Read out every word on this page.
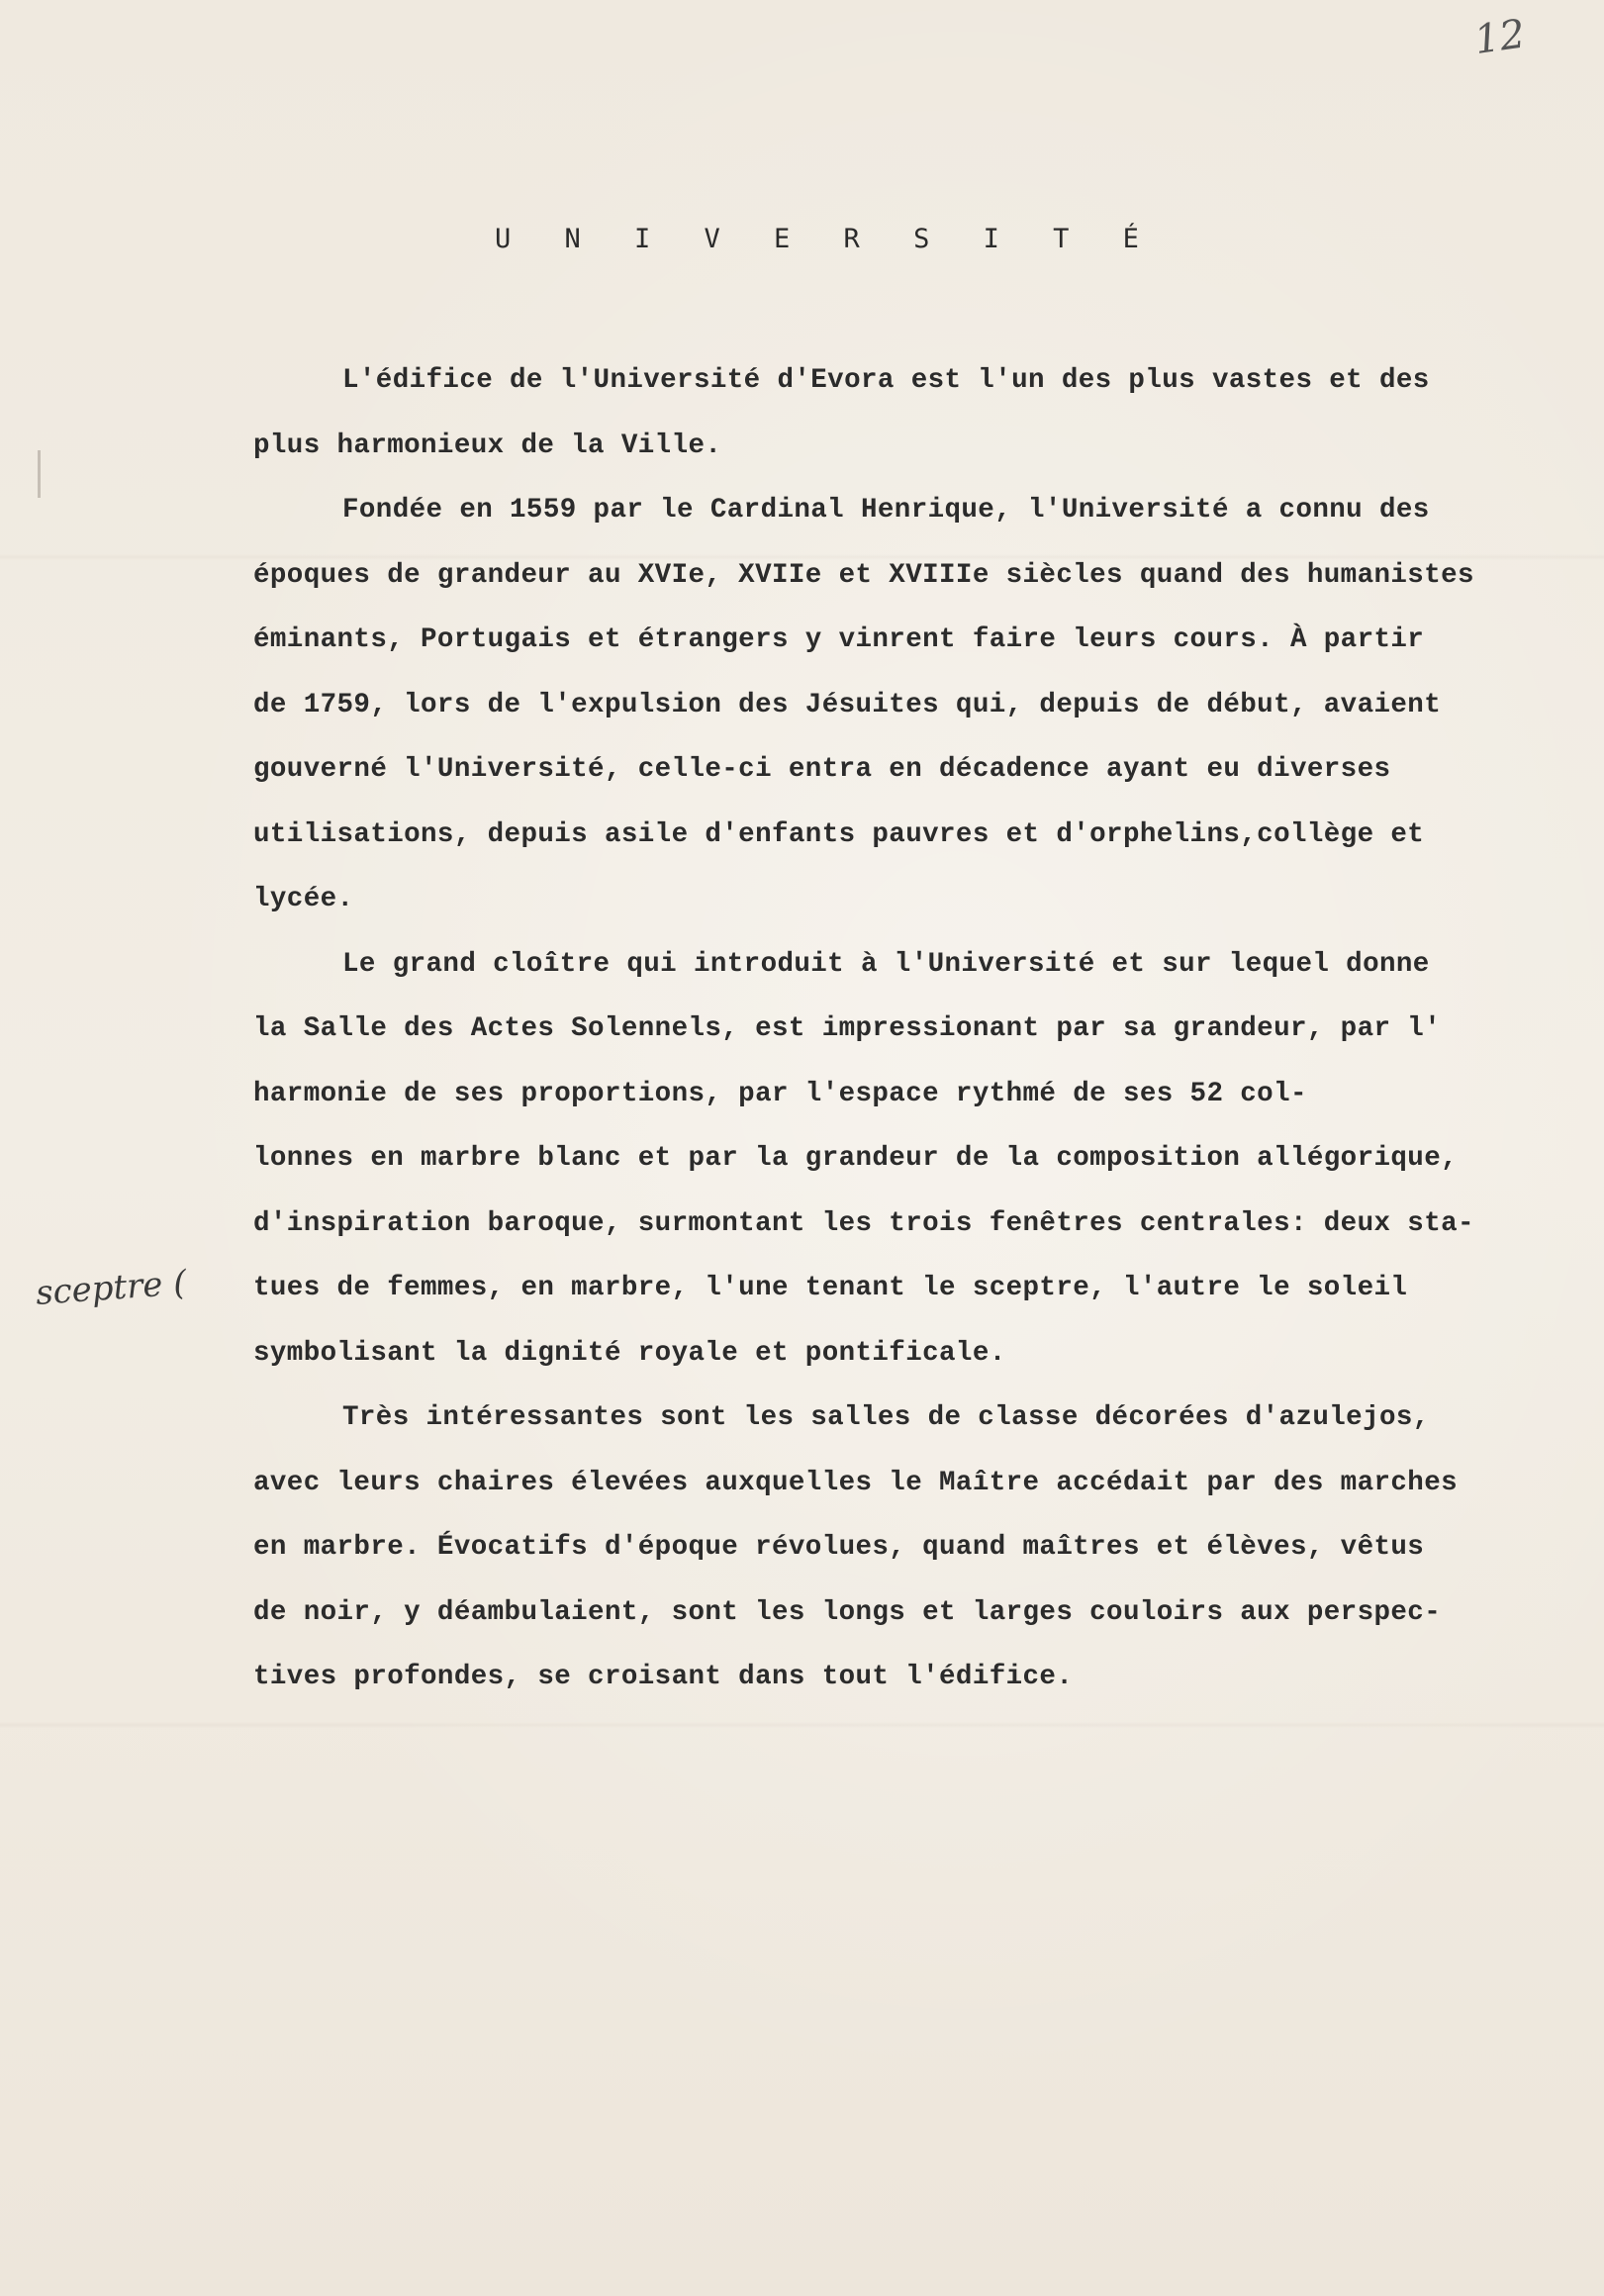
12
U N I V E R S I T É
sceptre (

L'édifice de l'Université d'Evora est l'un des plus vastes et des
plus harmonieux de la Ville.

Fondée en 1559 par le Cardinal Henrique, l'Université a connu des
époques de grandeur au XVIe, XVIIe et XVIIIe siècles quand des humanistes
éminants, Portugais et étrangers y vinrent faire leurs cours. À partir
de 1759, lors de l'expulsion des Jésuites qui, depuis de début, avaient
gouverné l'Université, celle-ci entra en décadence ayant eu diverses
utilisations, depuis asile d'enfants pauvres et d'orphelins,collège et
lycée.

Le grand cloître qui introduit à l'Université et sur lequel donne
la Salle des Actes Solennels, est impressionant par sa grandeur, par l'
harmonie de ses proportions, par l'espace rythmé de ses 52 col-
lonnes en marbre blanc et par la grandeur de la composition allégorique,
d'inspiration baroque, surmontant les trois fenêtres centrales: deux sta-
tues de femmes, en marbre, l'une tenant le sceptre, l'autre le soleil
symbolisant la dignité royale et pontificale.

Très intéressantes sont les salles de classe décorées d'azulejos,
avec leurs chaires élevées auxquelles le Maître accédait par des marches
en marbre. Évocatifs d'époque révolues, quand maîtres et élèves, vêtus
de noir, y déambulaient, sont les longs et larges couloirs aux perspec-
tives profondes, se croisant dans tout l'édifice.
